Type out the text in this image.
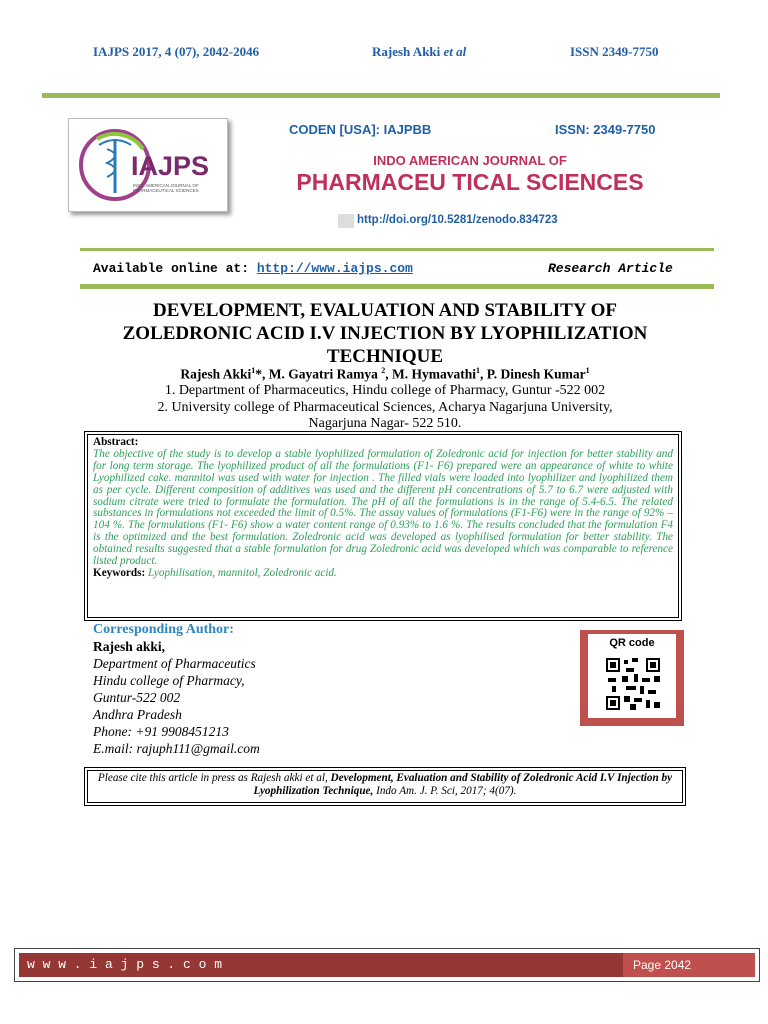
IAJPS 2017, 4 (07), 2042-2046	Rajesh Akki et al	ISSN 2349-7750
IAJPS
INDO AMERICAN JOURNAL OF PHARMACEUTICAL SCIENCES
CODEN [USA]: IAJPBB	ISSN: 2349-7750
INDO AMERICAN JOURNAL OF
PHARMACEU TICAL SCIENCES
http://doi.org/10.5281/zenodo.834723
Available online at: http://www.iajps.com	Research Article
DEVELOPMENT, EVALUATION AND STABILITY OF
ZOLEDRONIC ACID I.V INJECTION BY LYOPHILIZATION
TECHNIQUE
Rajesh Akki$^1$*, M. Gayatri Ramya $^2$, M. Hymavathi$^1$, P. Dinesh Kumar$^1$
1. Department of Pharmaceutics, Hindu college of Pharmacy, Guntur -522 002
2. University college of Pharmaceutical Sciences, Acharya Nagarjuna University,
Nagarjuna Nagar- 522 510.
Abstract:
The objective of the study is to develop a stable lyophilized formulation of Zoledronic acid for injection for better stability and for long term storage. The lyophilized product of all the formulations (F1- F6) prepared were an appearance of white to white Lyophilized cake. mannitol was used with water for injection . The filled vials were loaded into lyophilizer and lyophilized them as per cycle. Different composition of additives was used and the different pH concentrations of 5.7 to 6.7 were adjusted with sodium citrate were tried to formulate the formulation. The pH of all the formulations is in the range of 5.4-6.5. The related substances in formulations not exceeded the limit of 0.5%. The assay values of formulations (F1-F6) were in the range of 92% – 104 %. The formulations (F1- F6) show a water content range of 0.93% to 1.6 %. The results concluded that the formulation F4 is the optimized and the best formulation. Zoledronic acid was developed as lyophilised formulation for better stability. The obtained results suggested that a stable formulation for drug Zoledronic acid was developed which was comparable to reference listed product.
Keywords: Lyophilisation, mannitol, Zoledronic acid.
Corresponding Author:
Rajesh akki,
Department of Pharmaceutics
Hindu college of Pharmacy,
Guntur-522 002
Andhra Pradesh
Phone: +91 9908451213
E.mail: rajuph111@gmail.com
QR code
Please cite this article in press as Rajesh akki et al, Development, Evaluation and Stability of Zoledronic Acid I.V Injection by Lyophilization Technique, Indo Am. J. P. Sci, 2017; 4(07).
w w w . i a j p s . c o m	Page 2042
